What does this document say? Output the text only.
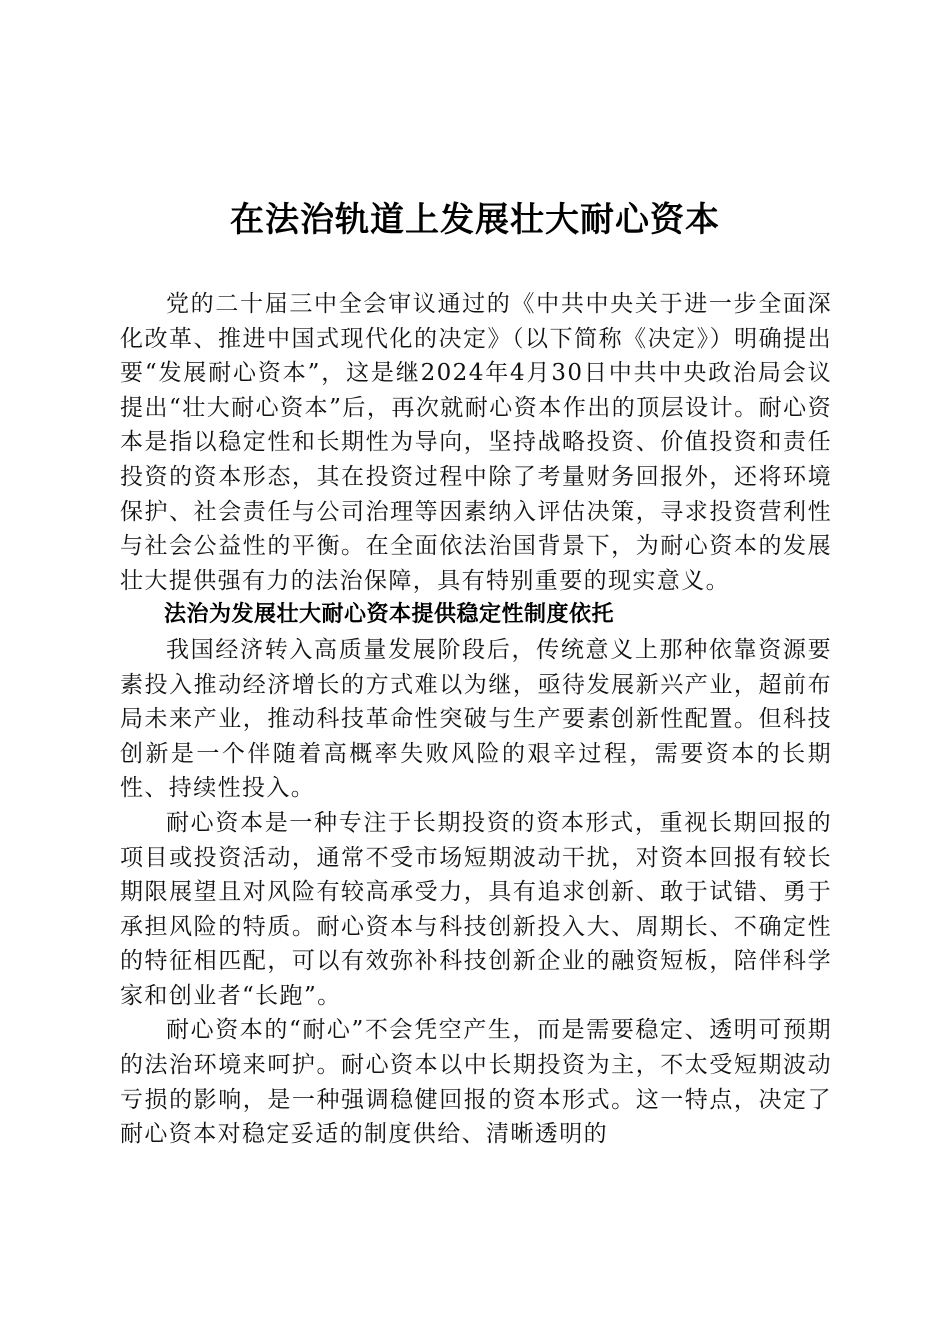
在法治轨道上发展壮大耐心资本

党的二十届三中全会审议通过的《中共中央关于进一步全面深化改革、推进中国式现代化的决定》（以下简称《决定》）明确提出要“发展耐心资本”，这是继2024年4月30日中共中央政治局会议提出“壮大耐心资本”后，再次就耐心资本作出的顶层设计。耐心资本是指以稳定性和长期性为导向，坚持战略投资、价值投资和责任投资的资本形态，其在投资过程中除了考量财务回报外，还将环境保护、社会责任与公司治理等因素纳入评估决策，寻求投资营利性与社会公益性的平衡。在全面依法治国背景下，为耐心资本的发展壮大提供强有力的法治保障，具有特别重要的现实意义。

法治为发展壮大耐心资本提供稳定性制度依托

我国经济转入高质量发展阶段后，传统意义上那种依靠资源要素投入推动经济增长的方式难以为继，亟待发展新兴产业，超前布局未来产业，推动科技革命性突破与生产要素创新性配置。但科技创新是一个伴随着高概率失败风险的艰辛过程，需要资本的长期性、持续性投入。

耐心资本是一种专注于长期投资的资本形式，重视长期回报的项目或投资活动，通常不受市场短期波动干扰，对资本回报有较长期限展望且对风险有较高承受力，具有追求创新、敢于试错、勇于承担风险的特质。耐心资本与科技创新投入大、周期长、不确定性的特征相匹配，可以有效弥补科技创新企业的融资短板，陪伴科学家和创业者“长跑”。

耐心资本的“耐心”不会凭空产生，而是需要稳定、透明可预期的法治环境来呵护。耐心资本以中长期投资为主，不太受短期波动亏损的影响，是一种强调稳健回报的资本形式。这一特点，决定了耐心资本对稳定妥适的制度供给、清晰透明的
